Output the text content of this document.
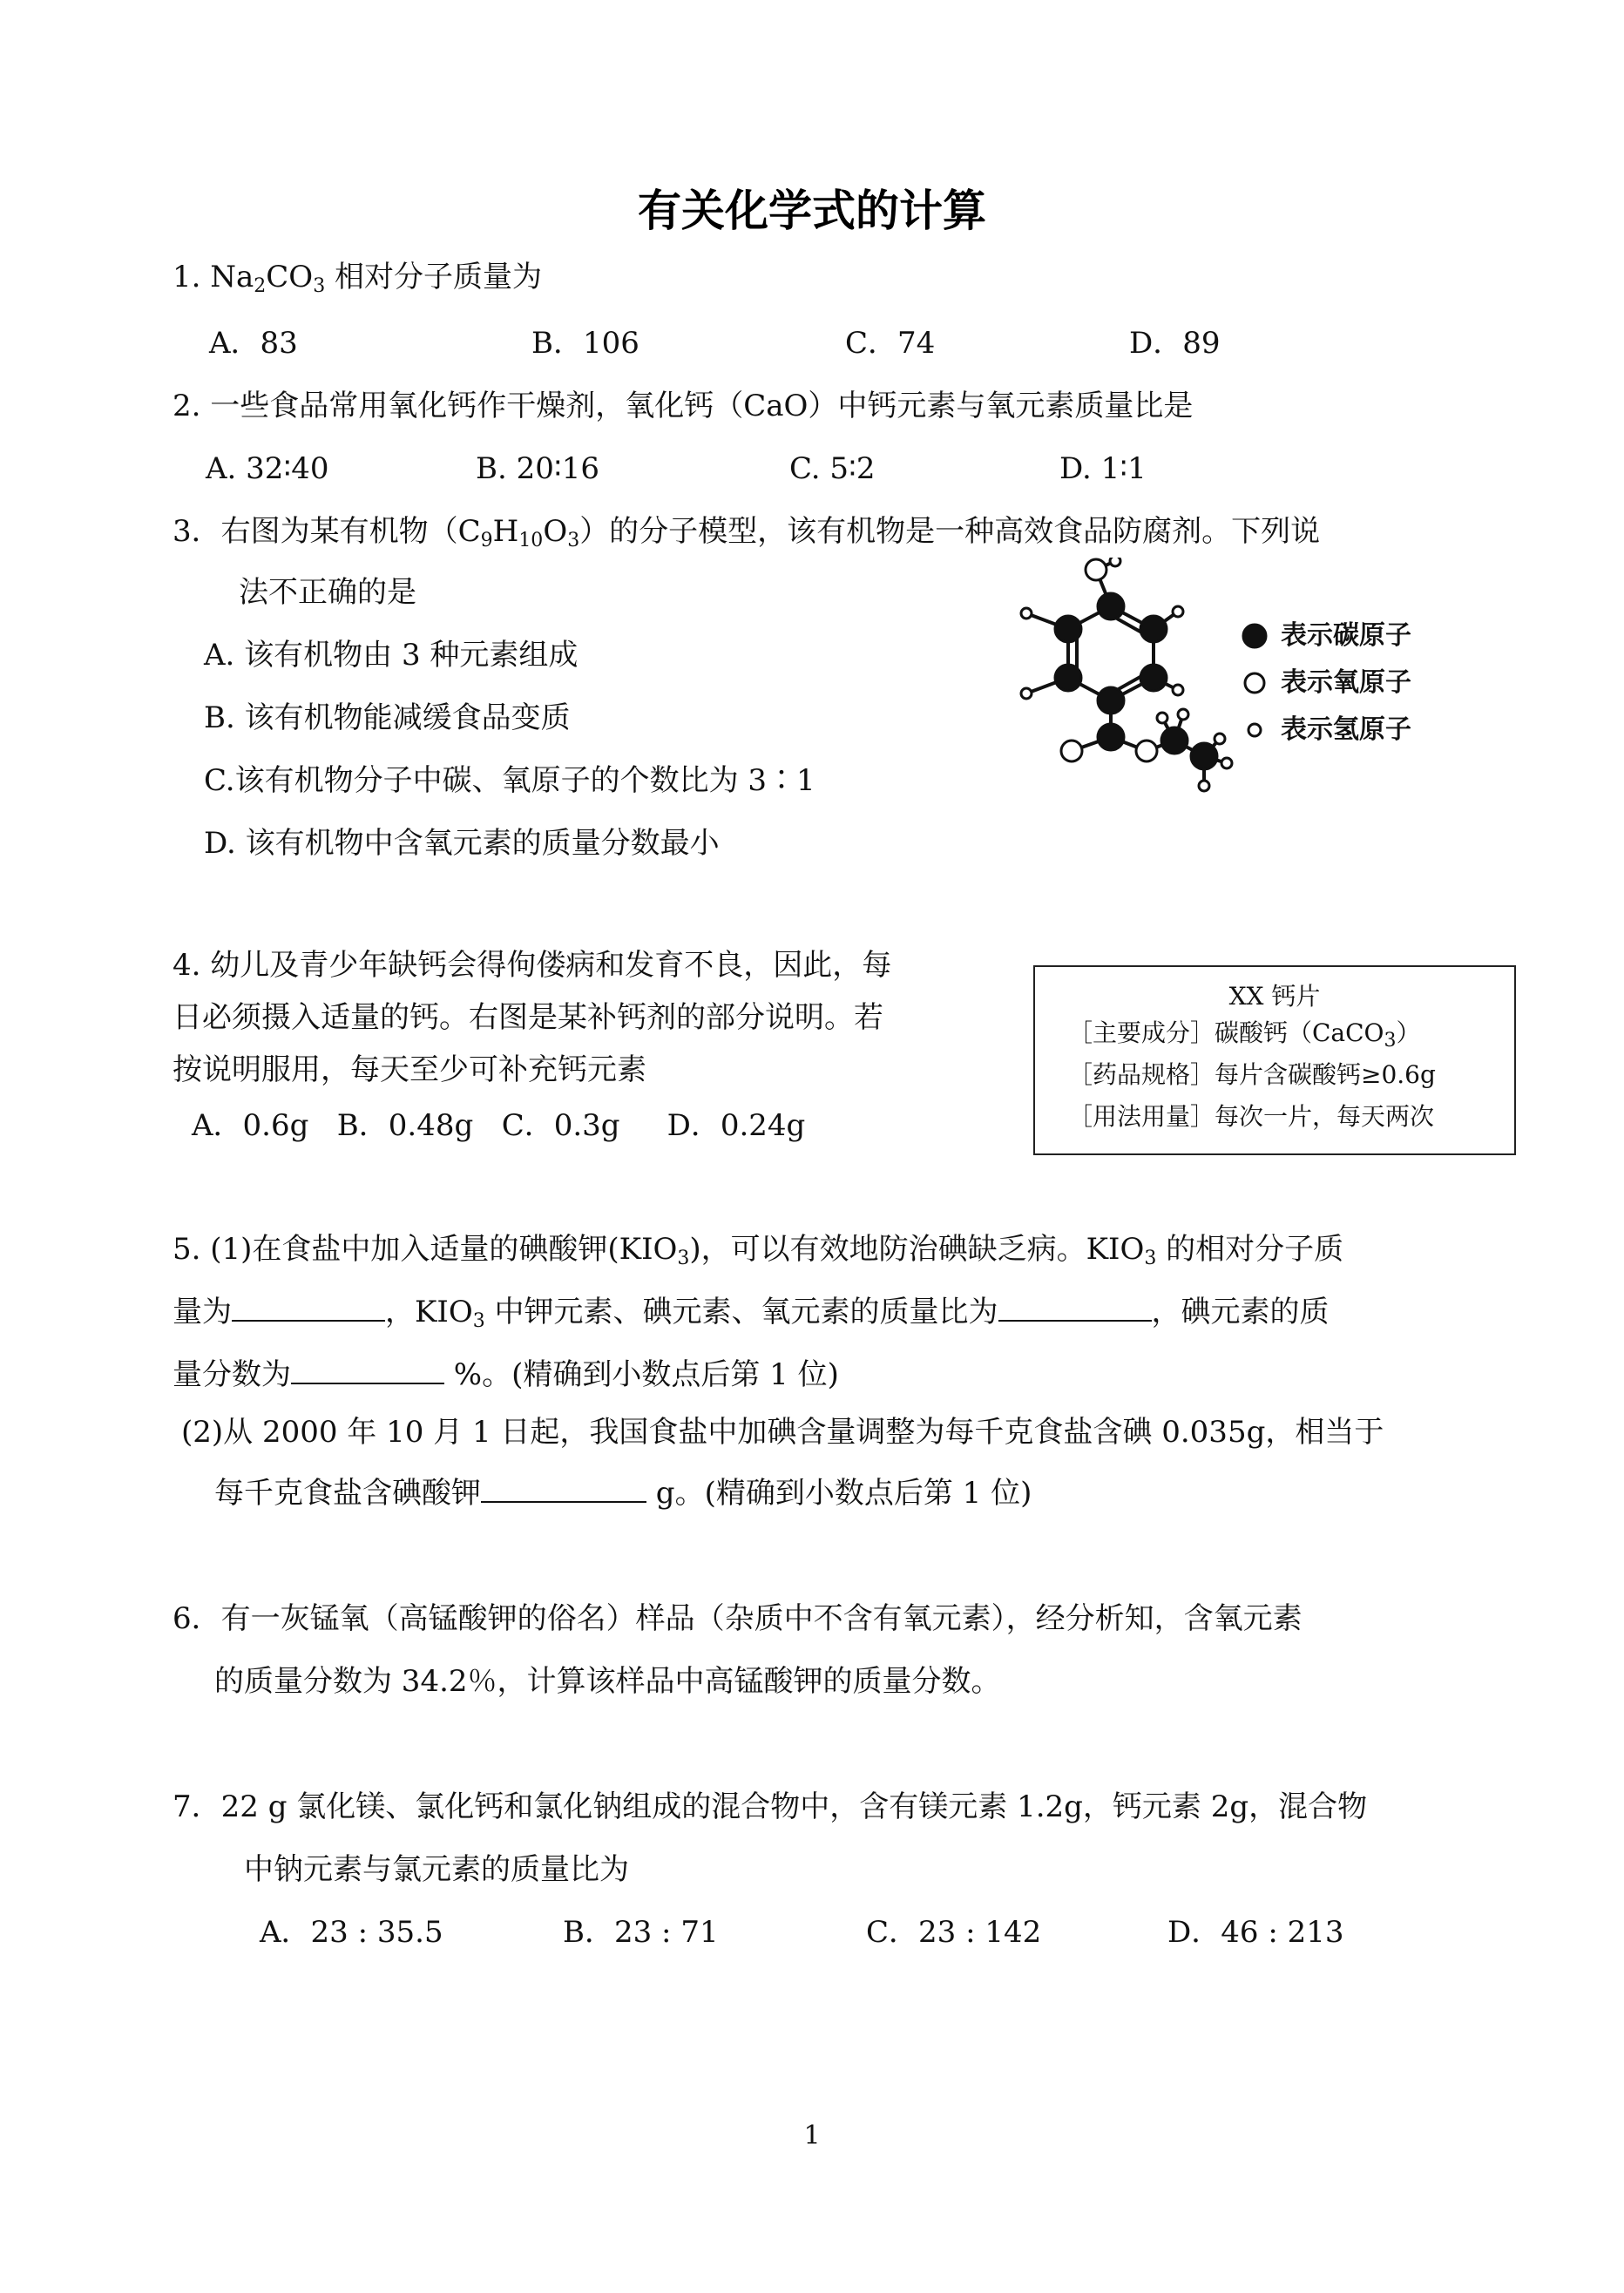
有关化学式的计算
1. $Na_2CO_3$ 相对分子质量为
A．83	B．106	C．74	D．89
2. 一些食品常用氧化钙作干燥剂，氧化钙（CaO）中钙元素与氧元素质量比是
A. 32∶40	B. 20∶16	C. 5∶2	D. 1∶1
3．右图为某有机物$(C_9H_{10}O_3)$的分子模型，该有机物是一种高效食品防腐剂。下列说
法不正确的是
A. 该有机物由 3 种元素组成
B. 该有机物能减缓食品变质
C.该有机物分子中碳、氧原子的个数比为 3∶1
D. 该有机物中含氧元素的质量分数最小
表示碳原子
表示氧原子
表示氢原子
4. 幼儿及青少年缺钙会得佝偻病和发育不良，因此，每
日必须摄入适量的钙。右图是某补钙剂的部分说明。若
按说明服用，每天至少可补充钙元素
A．0.6g   B．0.48g   C．0.3g     D．0.24g
XX 钙片
［主要成分］碳酸钙（CaCO$_3$）
［药品规格］每片含碳酸钙≥0.6g
［用法用量］每次一片，每天两次
5. (1)在食盐中加入适量的碘酸钾$(KIO_3)$，可以有效地防治碘缺乏病。$KIO_3$ 的相对分子质
量为	，$KIO_3$ 中钾元素、碘元素、氧元素的质量比为	，碘元素的质
量分数为	%。(精确到小数点后第 1 位)
(2)从 2000 年 10 月 1 日起，我国食盐中加碘含量调整为每千克食盐含碘 0.035g，相当于
每千克食盐含碘酸钾	g。(精确到小数点后第 1 位)
6．有一灰锰氧（高锰酸钾的俗名）样品（杂质中不含有氧元素），经分析知，含氧元素
的质量分数为 34.2％，计算该样品中高锰酸钾的质量分数。
7．22 g 氯化镁、氯化钙和氯化钠组成的混合物中，含有镁元素 1.2g，钙元素 2g，混合物
中钠元素与氯元素的质量比为
A．23 : 35.5	B．23 : 71	C．23 : 142	D．46 : 213
1
